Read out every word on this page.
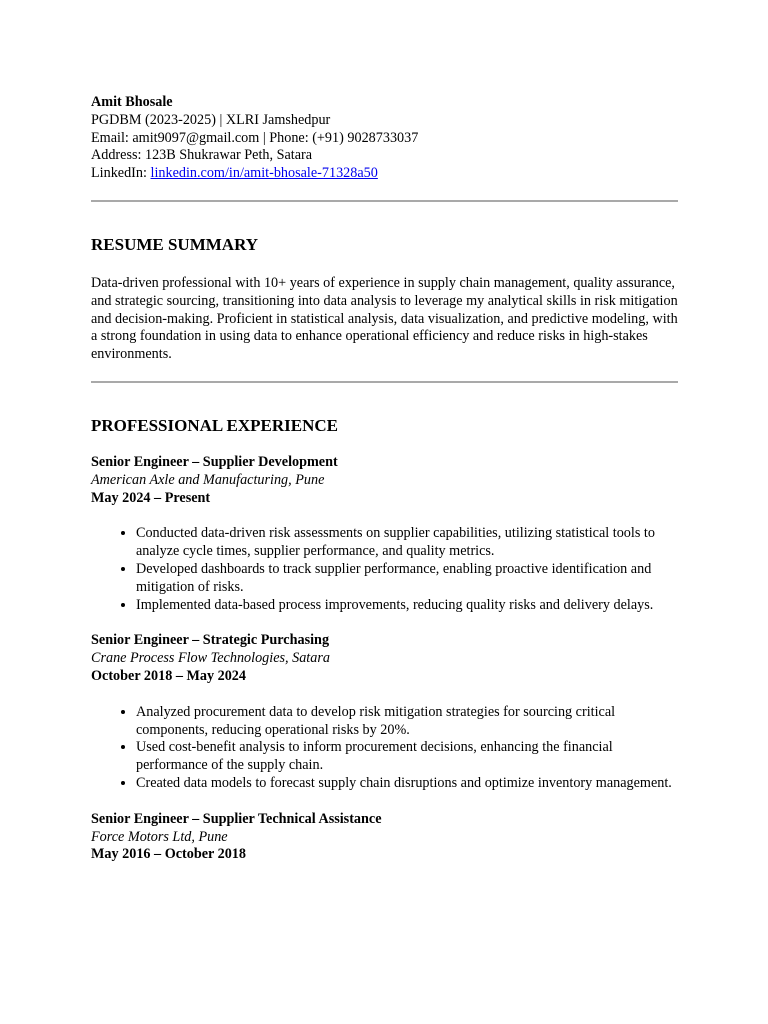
Amit Bhosale

PGDBM (2023-2025) | XLRI Jamshedpur

Email: amit9097@gmail.com | Phone: (+91) 9028733037

Address: 123B Shukrawar Peth, Satara

LinkedIn: linkedin.com/in/amit-bhosale-71328a50

RESUME SUMMARY

Data-driven professional with 10+ years of experience in supply chain management, quality assurance, and strategic sourcing, transitioning into data analysis to leverage my analytical skills in risk mitigation and decision-making. Proficient in statistical analysis, data visualization, and predictive modeling, with a strong foundation in using data to enhance operational efficiency and reduce risks in high-stakes environments.

PROFESSIONAL EXPERIENCE

Senior Engineer – Supplier Development

American Axle and Manufacturing, Pune

May 2024 – Present

• Conducted data-driven risk assessments on supplier capabilities, utilizing statistical tools to analyze cycle times, supplier performance, and quality metrics.
• Developed dashboards to track supplier performance, enabling proactive identification and mitigation of risks.
• Implemented data-based process improvements, reducing quality risks and delivery delays.

Senior Engineer – Strategic Purchasing

Crane Process Flow Technologies, Satara

October 2018 – May 2024

• Analyzed procurement data to develop risk mitigation strategies for sourcing critical components, reducing operational risks by 20%.
• Used cost-benefit analysis to inform procurement decisions, enhancing the financial performance of the supply chain.
• Created data models to forecast supply chain disruptions and optimize inventory management.

Senior Engineer – Supplier Technical Assistance

Force Motors Ltd, Pune

May 2016 – October 2018
